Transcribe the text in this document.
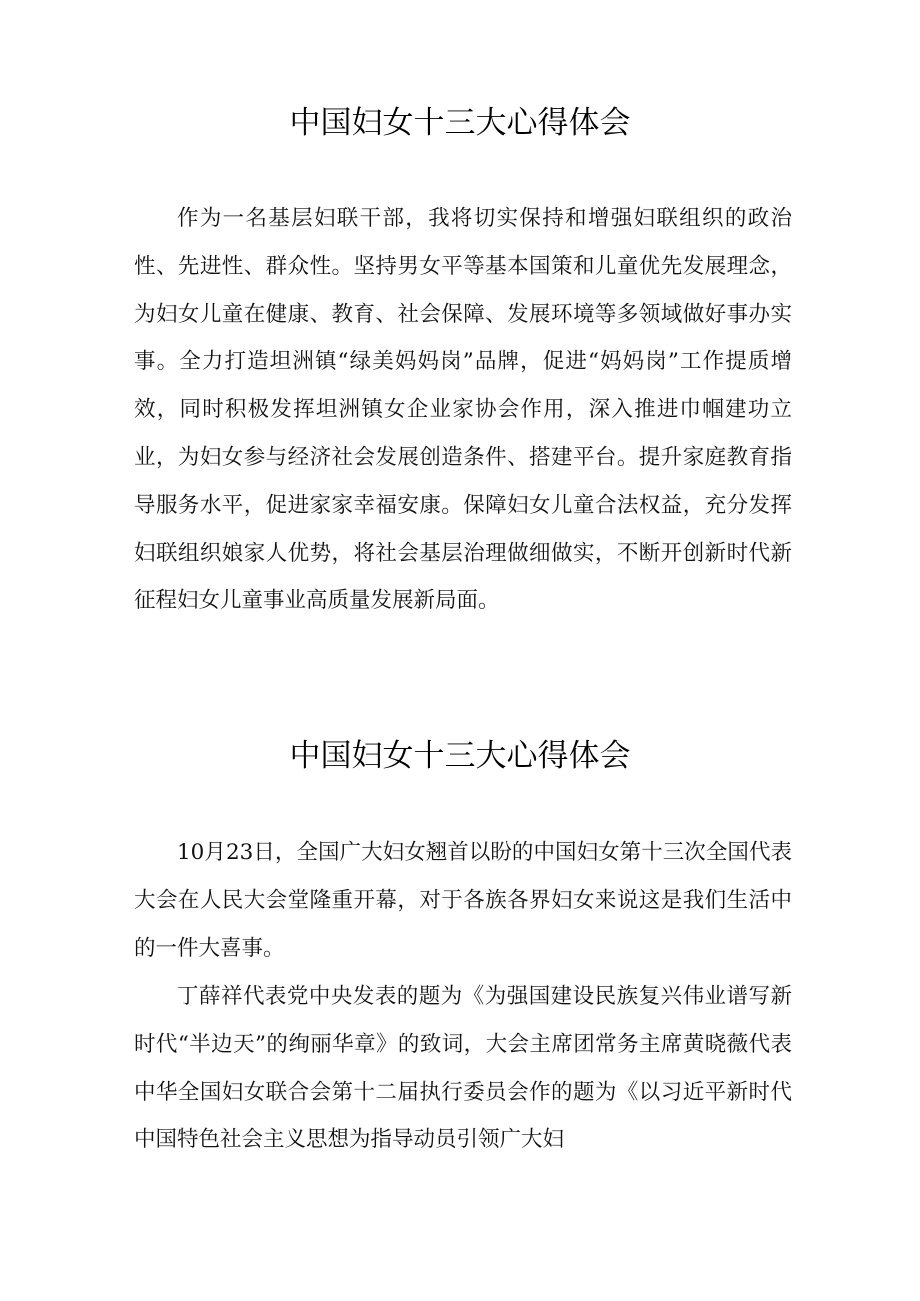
中国妇女十三大心得体会

作为一名基层妇联干部，我将切实保持和增强妇联组织的政治性、先进性、群众性。坚持男女平等基本国策和儿童优先发展理念，为妇女儿童在健康、教育、社会保障、发展环境等多领域做好事办实事。全力打造坦洲镇“绿美妈妈岗”品牌，促进“妈妈岗”工作提质增效，同时积极发挥坦洲镇女企业家协会作用，深入推进巾帼建功立业，为妇女参与经济社会发展创造条件、搭建平台。提升家庭教育指导服务水平，促进家家幸福安康。保障妇女儿童合法权益，充分发挥妇联组织娘家人优势，将社会基层治理做细做实，不断开创新时代新征程妇女儿童事业高质量发展新局面。

中国妇女十三大心得体会

10月23日，全国广大妇女翘首以盼的中国妇女第十三次全国代表大会在人民大会堂隆重开幕，对于各族各界妇女来说这是我们生活中的一件大喜事。

丁薛祥代表党中央发表的题为《为强国建设民族复兴伟业谱写新时代“半边天”的绚丽华章》的致词，大会主席团常务主席黄晓薇代表中华全国妇女联合会第十二届执行委员会作的题为《以习近平新时代中国特色社会主义思想为指导动员引领广大妇
